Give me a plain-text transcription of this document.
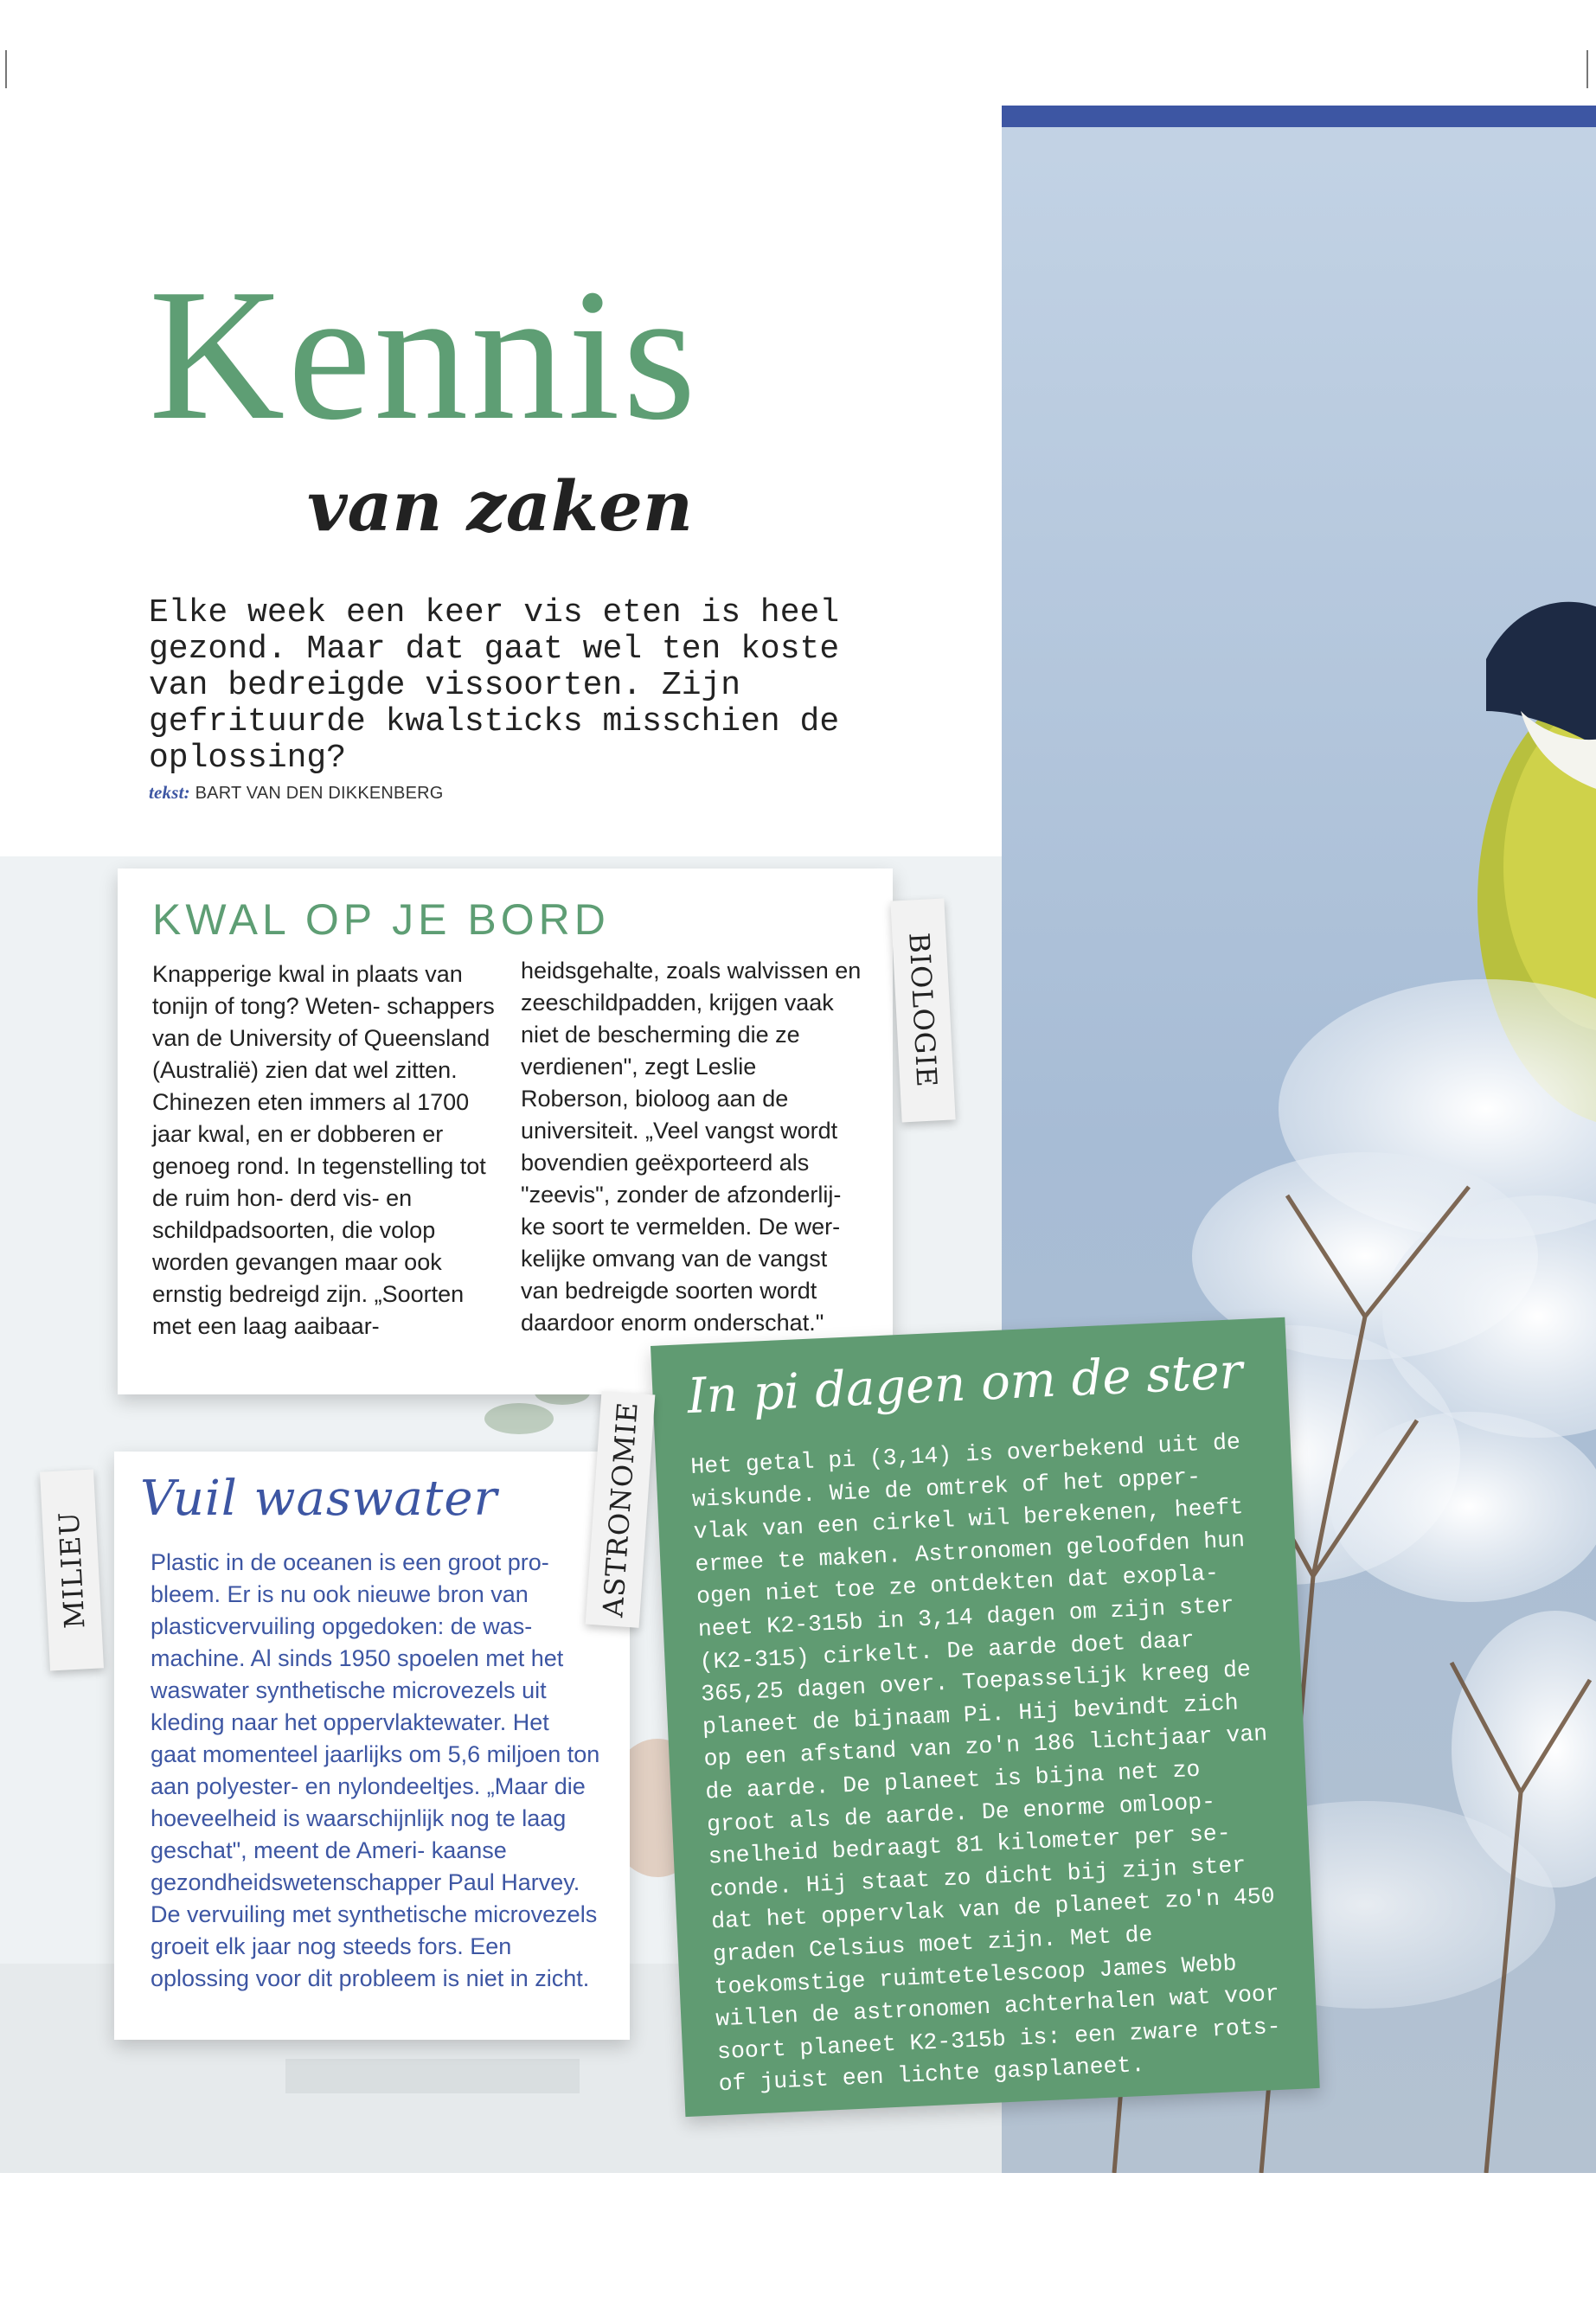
Kennis
van zaken

Elke week een keer vis eten is heel gezond. Maar dat gaat wel ten koste van bedreigde vissoorten. Zijn gefrituurde kwalsticks misschien de oplossing?

tekst: BART VAN DEN DIKKENBERG

KWAL OP JE BORD
Knapperige kwal in plaats van tonijn of tong? Weten- schappers van de University of Queensland (Australië) zien dat wel zitten. Chinezen eten immers al 1700 jaar kwal, en er dobberen er genoeg rond. In tegenstelling tot de ruim hon- derd vis- en schildpadsoorten, die volop worden gevangen maar ook ernstig bedreigd zijn. „Soorten met een laag aaibaar-
heidsgehalte, zoals walvissen en zeeschildpadden, krijgen vaak niet de bescherming die ze verdienen", zegt Leslie Roberson, bioloog aan de universiteit. „Veel vangst wordt bovendien geëxporteerd als "zeevis", zonder de afzonderlij- ke soort te vermelden. De wer- kelijke omvang van de vangst van bedreigde soorten wordt daardoor enorm onderschat."
BIOLOGIE
Vuil waswater
Plastic in de oceanen is een groot pro- bleem. Er is nu ook nieuwe bron van plasticvervuiling opgedoken: de was- machine. Al sinds 1950 spoelen met het waswater synthetische microvezels uit kleding naar het oppervlaktewater. Het gaat momenteel jaarlijks om 5,6 miljoen ton aan polyester- en nylondeeltjes. „Maar die hoeveelheid is waarschijnlijk nog te laag geschat", meent de Ameri- kaanse gezondheidswetenschapper Paul Harvey. De vervuiling met synthetische microvezels groeit elk jaar nog steeds fors. Een oplossing voor dit probleem is niet in zicht.
MILIEU
In pi dagen om de ster
Het getal pi (3,14) is overbekend uit de wiskunde. Wie de omtrek of het opper- vlak van een cirkel wil berekenen, heeft ermee te maken. Astronomen geloofden hun ogen niet toe ze ontdekten dat exopla- neet K2-315b in 3,14 dagen om zijn ster (K2-315) cirkelt. De aarde doet daar 365,25 dagen over. Toepasselijk kreeg de planeet de bijnaam Pi. Hij bevindt zich op een afstand van zo'n 186 lichtjaar van de aarde. De planeet is bijna net zo groot als de aarde. De enorme omloop- snelheid bedraagt 81 kilometer per se- conde. Hij staat zo dicht bij zijn ster dat het oppervlak van de planeet zo'n 450 graden Celsius moet zijn. Met de toekomstige ruimtetelescoop James Webb willen de astronomen achterhalen wat voor soort planeet K2-315b is: een zware rots- of juist een lichte gasplaneet.
ASTRONOMIE
